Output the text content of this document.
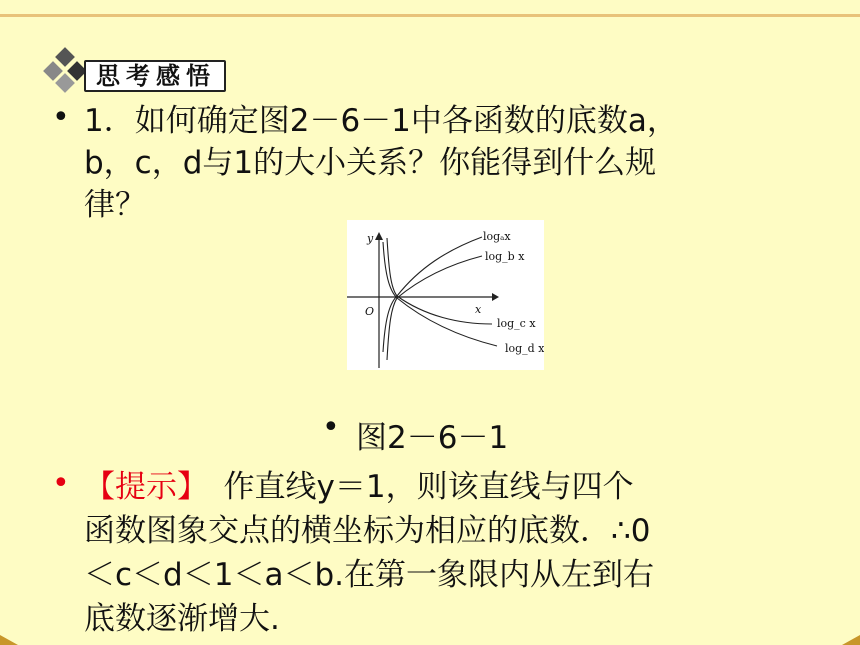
思考感悟
• 1．如何确定图2－6－1中各函数的底数a，
b，c，d与1的大小关系？你能得到什么规
律？
y
x
O
logₐx
log_b x
log_c x
log_d x
• 图2－6－1
• 【提示】　作直线y＝1，则该直线与四个
函数图象交点的横坐标为相应的底数．∴0
＜c＜d＜1＜a＜b.在第一象限内从左到右
底数逐渐增大.
